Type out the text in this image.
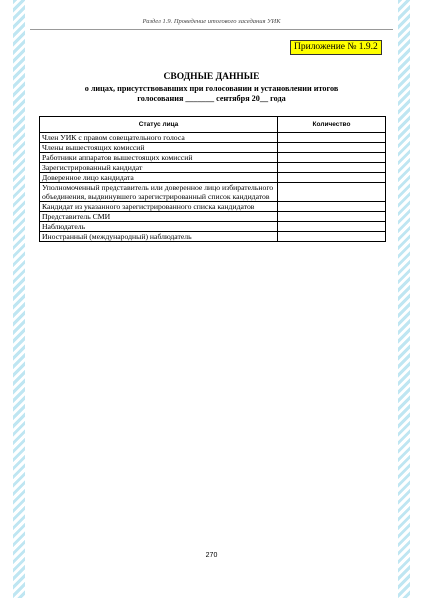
Раздел 1.9. Проведение итогового заседания УИК
Приложение № 1.9.2
СВОДНЫЕ ДАННЫЕ
о лицах, присутствовавших при голосовании и установлении итогов
голосования _______ сентября 20__ года
Статус лица	Количество
Член УИК с правом совещательного голоса	
Члены вышестоящих комиссий	
Работники аппаратов вышестоящих комиссий	
Зарегистрированный кандидат	
Доверенное лицо кандидата	
Уполномоченный представитель или доверенное лицо избирательного объединения, выдвинувшего зарегистрированный список кандидатов	
Кандидат из указанного зарегистрированного списка кандидатов	
Представитель СМИ	
Наблюдатель	
Иностранный (международный) наблюдатель	
270
